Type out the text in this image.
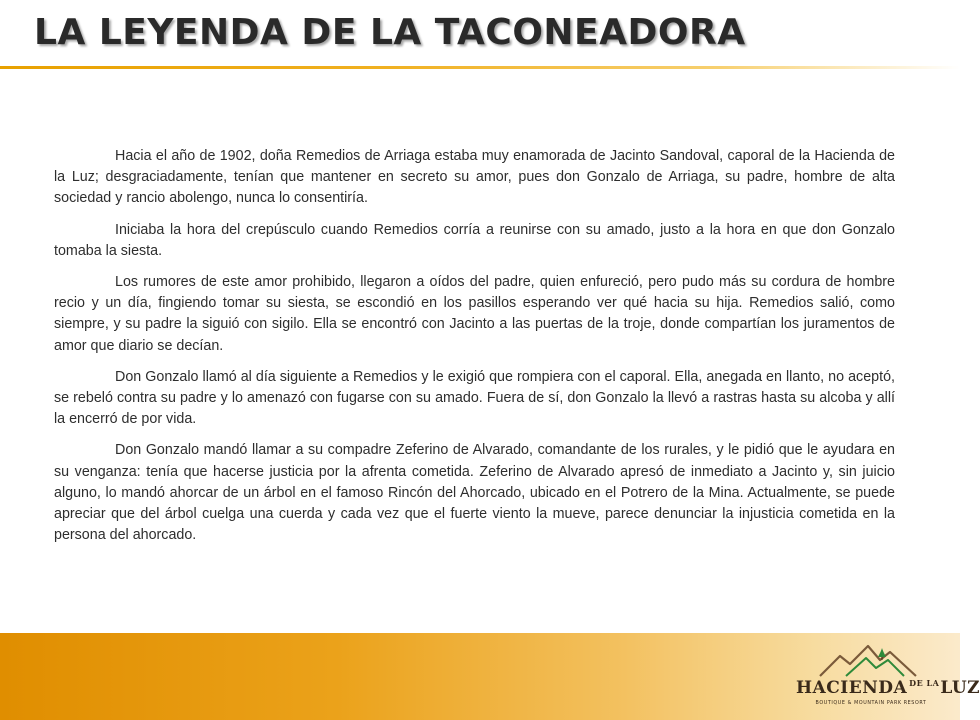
LA LEYENDA DE LA TACONEADORA

Hacia el año de 1902, doña Remedios de Arriaga estaba muy enamorada de Jacinto Sandoval, caporal de la Hacienda de la Luz; desgraciadamente, tenían que mantener en secreto su amor, pues don Gonzalo de Arriaga, su padre, hombre de alta sociedad y rancio abolengo, nunca lo consentiría.

Iniciaba la hora del crepúsculo cuando Remedios corría a reunirse con su amado, justo a la hora en que don Gonzalo tomaba la siesta.

Los rumores de este amor prohibido, llegaron a oídos del padre, quien enfureció, pero pudo más su cordura de hombre recio y un día, fingiendo tomar su siesta, se escondió en los pasillos esperando ver qué hacia su hija. Remedios salió, como siempre, y su padre la siguió con sigilo. Ella se encontró con Jacinto a las puertas de la troje, donde compartían los juramentos de amor que diario se decían.

Don Gonzalo llamó al día siguiente a Remedios y le exigió que rompiera con el caporal. Ella, anegada en llanto, no aceptó, se rebeló contra su padre y lo amenazó con fugarse con su amado. Fuera de sí, don Gonzalo la llevó a rastras hasta su alcoba y allí la encerró de por vida.

Don Gonzalo mandó llamar a su compadre Zeferino de Alvarado, comandante de los rurales, y le pidió que le ayudara en su venganza: tenía que hacerse justicia por la afrenta cometida. Zeferino de Alvarado apresó de inmediato a Jacinto y, sin juicio alguno, lo mandó ahorcar de un árbol en el famoso Rincón del Ahorcado, ubicado en el Potrero de la Mina. Actualmente, se puede apreciar que del árbol cuelga una cuerda y cada vez que el fuerte viento la mueve, parece denunciar la injusticia cometida en la persona del ahorcado.

HACIENDA $^{DE LA}$LUZ
BOUTIQUE & MOUNTAIN PARK RESORT
